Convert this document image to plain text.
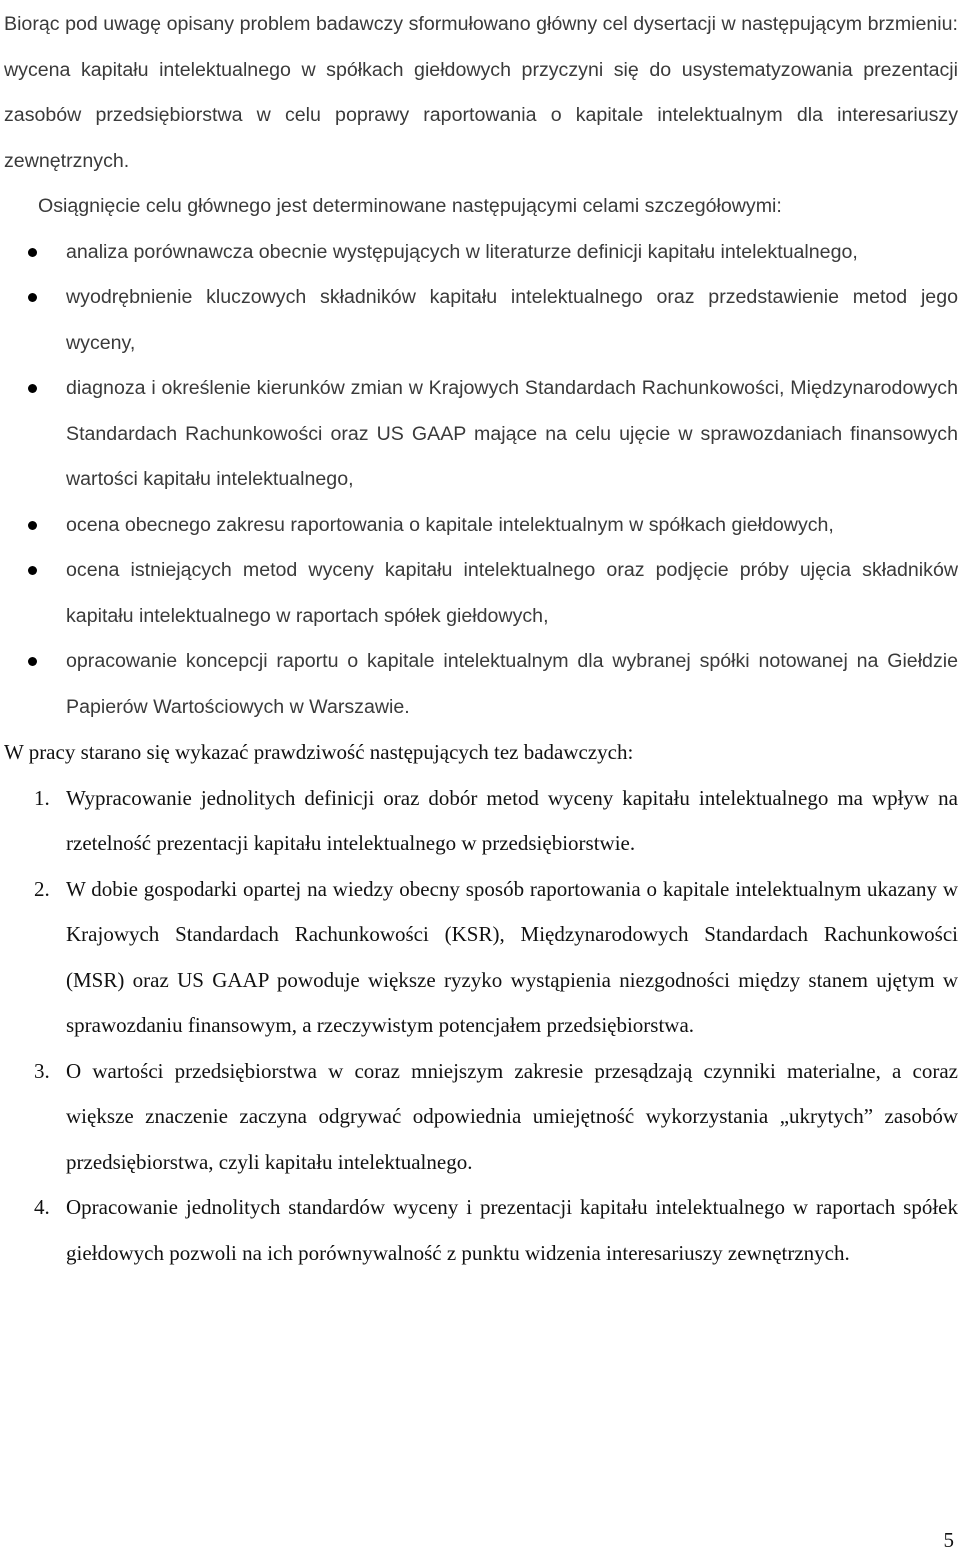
Biorąc pod uwagę opisany problem badawczy sformułowano główny cel dysertacji w następującym brzmieniu: wycena kapitału intelektualnego w spółkach giełdowych przyczyni się do usystematyzowania prezentacji zasobów przedsiębiorstwa w celu poprawy raportowania o kapitale intelektualnym dla interesariuszy zewnętrznych.

Osiągnięcie celu głównego jest determinowane następującymi celami szczegółowymi:

analiza porównawcza obecnie występujących w literaturze definicji kapitału intelektualnego,
wyodrębnienie kluczowych składników kapitału intelektualnego oraz przedstawienie metod jego wyceny,
diagnoza i określenie kierunków zmian w Krajowych Standardach Rachunkowości, Międzynarodowych Standardach Rachunkowości oraz US GAAP mające na celu ujęcie w sprawozdaniach finansowych wartości kapitału intelektualnego,
ocena obecnego zakresu raportowania o kapitale intelektualnym w spółkach giełdowych,
ocena istniejących metod wyceny kapitału intelektualnego oraz podjęcie próby ujęcia składników kapitału intelektualnego w raportach spółek giełdowych,
opracowanie koncepcji raportu o kapitale intelektualnym dla wybranej spółki notowanej na Giełdzie Papierów Wartościowych w Warszawie.

W pracy starano się wykazać prawdziwość następujących tez badawczych:

1. Wypracowanie jednolitych definicji oraz dobór metod wyceny kapitału intelektualnego ma wpływ na rzetelność prezentacji kapitału intelektualnego w przedsiębiorstwie.
2. W dobie gospodarki opartej na wiedzy obecny sposób raportowania o kapitale intelektualnym ukazany w Krajowych Standardach Rachunkowości (KSR), Międzynarodowych Standardach Rachunkowości (MSR) oraz US GAAP powoduje większe ryzyko wystąpienia niezgodności między stanem ujętym w sprawozdaniu finansowym, a rzeczywistym potencjałem przedsiębiorstwa.
3. O wartości przedsiębiorstwa w coraz mniejszym zakresie przesądzają czynniki materialne, a coraz większe znaczenie zaczyna odgrywać odpowiednia umiejętność wykorzystania „ukrytych” zasobów przedsiębiorstwa, czyli kapitału intelektualnego.
4. Opracowanie jednolitych standardów wyceny i prezentacji kapitału intelektualnego w raportach spółek giełdowych pozwoli na ich porównywalność z punktu widzenia interesariuszy zewnętrznych.
5
